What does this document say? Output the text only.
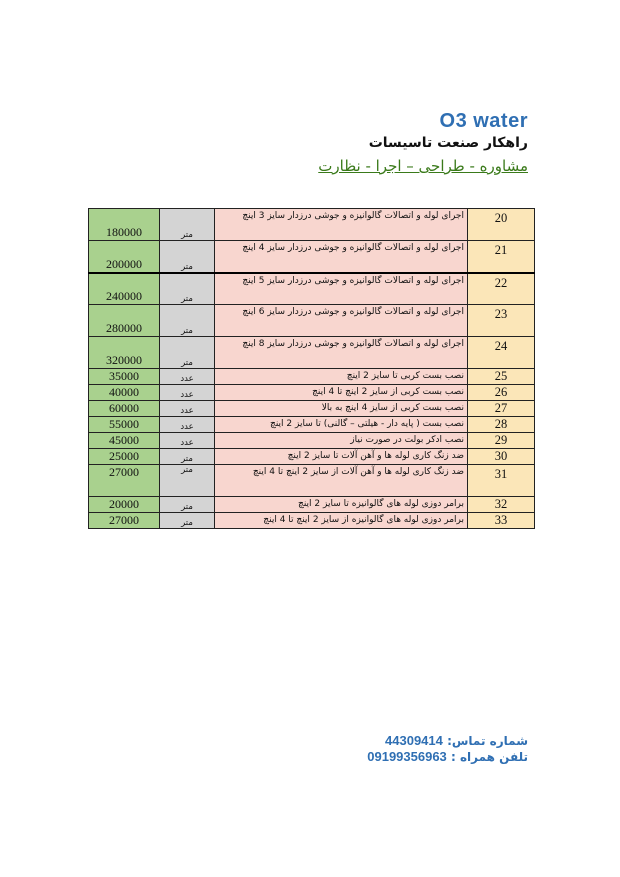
O3 water
راهکار صنعت تاسیسات
مشاوره - طراحی – اجرا - نظارت
180000	متر	اجرای لوله و اتصالات گالوانیزه و جوشی درزدار سایز 3 اینچ	20
200000	متر	اجرای لوله و اتصالات گالوانیزه و جوشی درزدار سایز 4 اینچ	21
240000	متر	اجرای لوله و اتصالات گالوانیزه و جوشی درزدار سایز 5 اینچ	22
280000	متر	اجرای لوله و اتصالات گالوانیزه و جوشی درزدار سایز 6 اینچ	23
320000	متر	اجرای لوله و اتصالات گالوانیزه و جوشی درزدار سایز 8 اینچ	24
35000	عدد	نصب بست کربی تا سایز 2 اینچ	25
40000	عدد	نصب بست کربی از سایز 2 اینچ تا 4 اینچ	26
60000	عدد	نصب بست کربی از سایز 4 اینچ به بالا	27
55000	عدد	نصب بست ( پایه دار - هیلتی – گالنی) تا سایز 2 اینچ	28
45000	عدد	نصب ادکر بولت در صورت نیاز	29
25000	متر	ضد زنگ کاری لوله ها و آهن آلات تا سایز 2 اینچ	30
27000	متر	ضد زنگ کاری لوله ها و آهن آلات از سایز 2 اینچ تا 4 اینچ	31
20000	متر	برامر دوزی لوله های گالوانیزه تا سایز 2 اینچ	32
27000	متر	برامر دوزی لوله های گالوانیزه از سایز 2 اینچ تا 4 اینچ	33
شماره تماس: 44309414
تلفن همراه : 09199356963
